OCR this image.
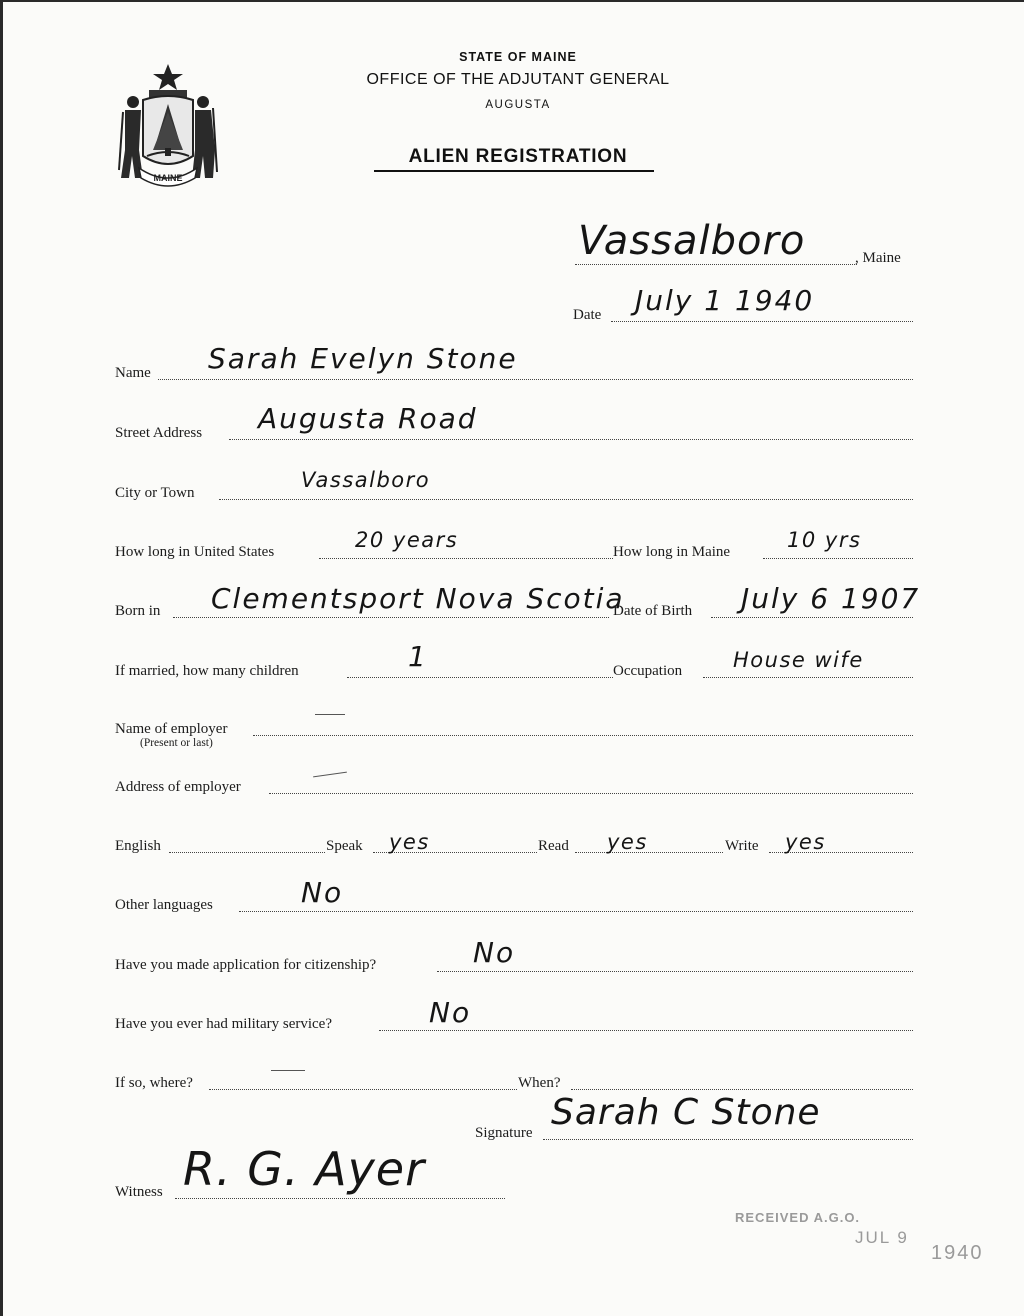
MAINE
STATE OF MAINE
OFFICE OF THE ADJUTANT GENERAL
AUGUSTA
ALIEN REGISTRATION
Vassalboro	, Maine
Date July 1 1940
Name Sarah Evelyn Stone
Street Address Augusta Road
City or Town
Vassalboro
How long in United States	20 years	How long in Maine	10 yrs
Born in Clementsport Nova Scotia
Date of Birth July 6 1907
If married, how many children	1	Occupation House wife
Name of employer
(Present or last)
Address of employer
English	Speak yes	Read yes	Write yes
Other languages	No
Have you made application for citizenship?	No
Have you ever had military service?	No
If so, where?	When?
Signature Sarah C Stone
Witness R. G. Ayer
RECEIVED A.G.O.
JUL 9
1940
